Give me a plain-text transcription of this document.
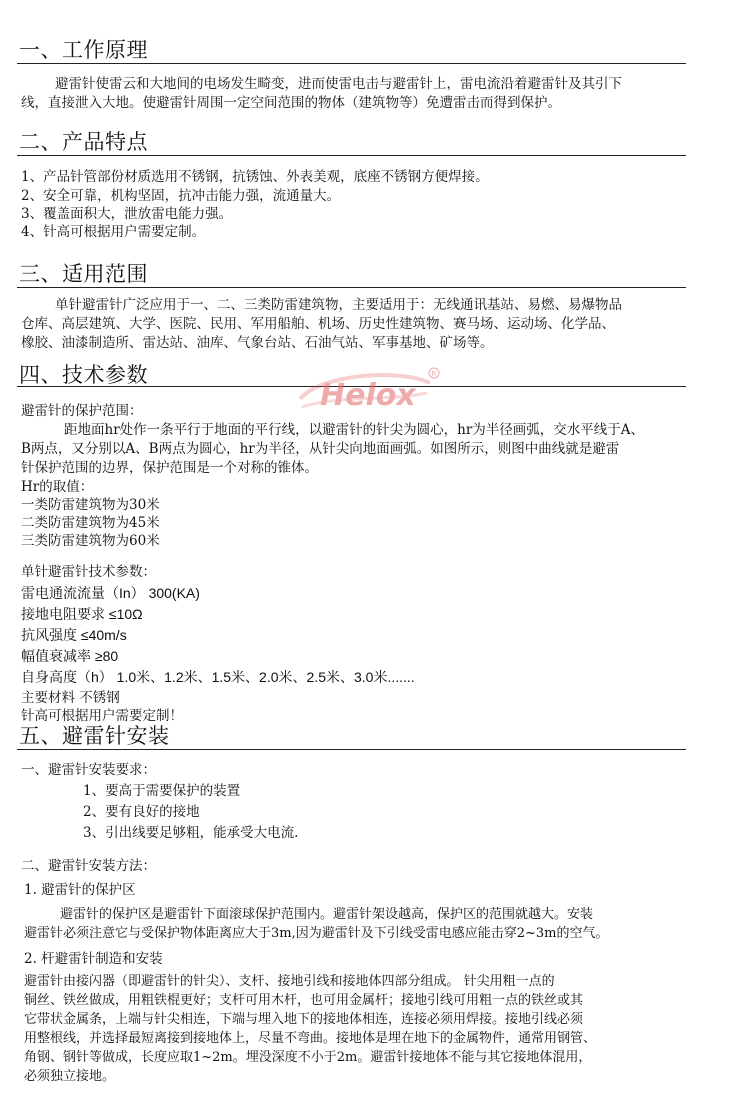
一、工作原理
避雷针使雷云和大地间的电场发生畸变，进而使雷电击与避雷针上，雷电流沿着避雷针及其引下
线，直接泄入大地。使避雷针周围一定空间范围的物体（建筑物等）免遭雷击而得到保护。
二、产品特点
1、产品针管部份材质选用不锈钢，抗锈蚀、外表美观，底座不锈钢方便焊接。
2、安全可靠，机构坚固，抗冲击能力强，流通量大。
3、覆盖面积大，泄放雷电能力强。
4、针高可根据用户需要定制。
三、适用范围
单针避雷针广泛应用于一、二、三类防雷建筑物，主要适用于：无线通讯基站、易燃、易爆物品
仓库、高层建筑、大学、医院、民用、军用船舶、机场、历史性建筑物、赛马场、运动场、化学品、
橡胶、油漆制造所、雷达站、油库、气象台站、石油气站、军事基地、矿场等。
四、技术参数
Helox
R
避雷针的保护范围：
距地面hr处作一条平行于地面的平行线，以避雷针的针尖为圆心，hr为半径画弧，交水平线于A、
B两点，又分别以A、B两点为圆心，hr为半径，从针尖向地面画弧。如图所示，则图中曲线就是避雷
针保护范围的边界，保护范围是一个对称的锥体。
Hr的取值：
一类防雷建筑物为30米
二类防雷建筑物为45米
三类防雷建筑物为60米
单针避雷针技术参数：
雷电通流流量（In） 300(KA)
接地电阻要求 ≤10Ω
抗风强度 ≤40m/s
幅值衰减率 ≥80
自身高度（h） 1.0米、1.2米、1.5米、2.0米、2.5米、3.0米.......
主要材料 不锈钢
针高可根据用户需要定制！
五、避雷针安装
一、避雷针安装要求：
1、要高于需要保护的装置
2、要有良好的接地
3、引出线要足够粗，能承受大电流.
二、避雷针安装方法：
1. 避雷针的保护区
避雷针的保护区是避雷针下面滚球保护范围内。避雷针架设越高，保护区的范围就越大。安装
避雷针必须注意它与受保护物体距离应大于3m,因为避雷针及下引线受雷电感应能击穿2~3m的空气。
2. 杆避雷针制造和安装
避雷针由接闪器（即避雷针的针尖）、支杆、接地引线和接地体四部分组成。 针尖用粗一点的
铜丝、铁丝做成，用粗铁棍更好；支杆可用木杆，也可用金属杆；接地引线可用粗一点的铁丝或其
它带状金属条，上端与针尖相连，下端与埋入地下的接地体相连，连接必须用焊接。接地引线必须
用整根线，并选择最短离接到接地体上，尽量不弯曲。接地体是埋在地下的金属物件，通常用钢管、
角钢、钢针等做成，长度应取1~2m。埋没深度不小于2m。避雷针接地体不能与其它接地体混用，
必须独立接地。
